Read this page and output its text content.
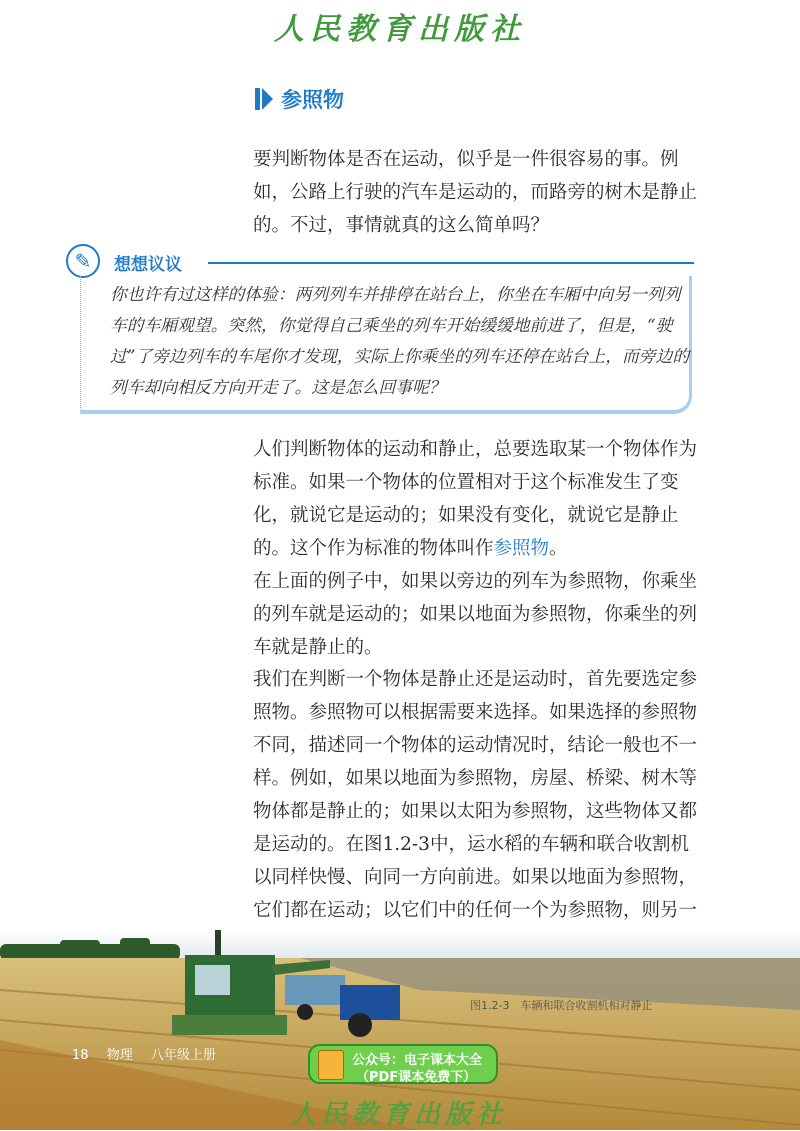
人民教育出版社
参照物

要判断物体是否在运动，似乎是一件很容易的事。例如，公路上行驶的汽车是运动的，而路旁的树木是静止的。不过，事情就真的这么简单吗？

✎	想想议议

你也许有过这样的体验：两列列车并排停在站台上，你坐在车厢中向另一列列车的车厢观望。突然，你觉得自己乘坐的列车开始缓缓地前进了，但是，“驶过”了旁边列车的车尾你才发现，实际上你乘坐的列车还停在站台上，而旁边的列车却向相反方向开走了。这是怎么回事呢？

人们判断物体的运动和静止，总要选取某一个物体作为标准。如果一个物体的位置相对于这个标准发生了变化，就说它是运动的；如果没有变化，就说它是静止的。这个作为标准的物体叫作参照物。

在上面的例子中，如果以旁边的列车为参照物，你乘坐的列车就是运动的；如果以地面为参照物，你乘坐的列车就是静止的。

我们在判断一个物体是静止还是运动时，首先要选定参照物。参照物可以根据需要来选择。如果选择的参照物不同，描述同一个物体的运动情况时，结论一般也不一样。例如，如果以地面为参照物，房屋、桥梁、树木等物体都是静止的；如果以太阳为参照物，这些物体又都是运动的。在图1.2-3中，运水稻的车辆和联合收割机以同样快慢、向同一方向前进。如果以地面为参照物，它们都在运动；以它们中的任何一个为参照物，则另一

图1.2-3　车辆和联合收割机相对静止
18 物理 八年级上册	公众号：电子课本大全
（PDF课本免费下）
人民教育出版社
